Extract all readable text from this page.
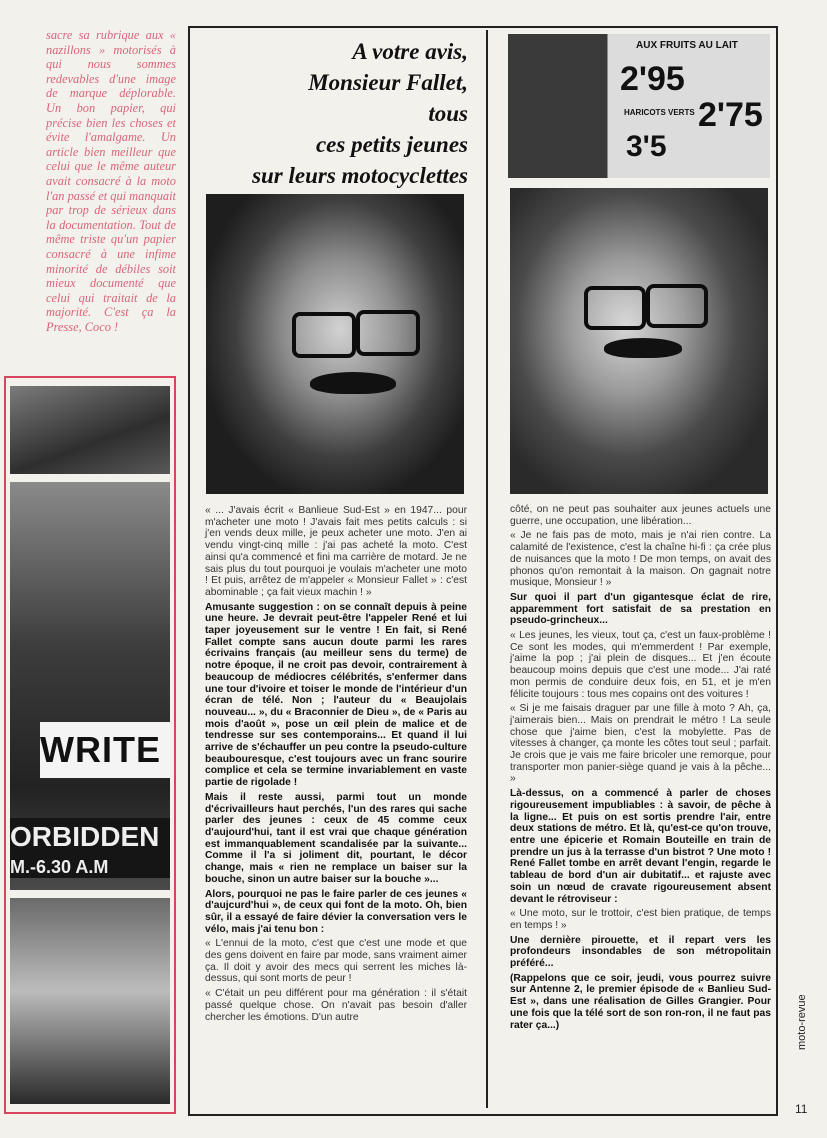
sacre sa rubrique aux « nazillons » motorisés à qui nous sommes redevables d'une image de marque déplorable. Un bon papier, qui précise bien les choses et évite l'amalgame. Un article bien meilleur que celui que le même auteur avait consacré à la moto l'an passé et qui manquait par trop de sérieux dans la documentation. Tout de même triste qu'un papier consacré à une infime minorité de débiles soit mieux documenté que celui qui traitait de la majorité. C'est ça la Presse, Coco !

WRITE
ORBIDDEN
M.-6.30 A.M
A votre avis,
Monsieur Fallet,
tous
ces petits jeunes
sur leurs motocyclettes
AUX FRUITS AU LAIT
2'95
2'75
HARICOTS VERTS
3'5

« ... J'avais écrit « Banlieue Sud-Est » en 1947... pour m'acheter une moto ! J'avais fait mes petits calculs : si j'en vends deux mille, je peux acheter une moto. J'en ai vendu vingt-cinq mille : j'ai pas acheté la moto. C'est ainsi qu'a commencé et fini ma carrière de motard. Je ne sais plus du tout pourquoi je voulais m'acheter une moto ! Et puis, arrêtez de m'appeler « Monsieur Fallet » : c'est abominable ; ça fait vieux machin ! »

Amusante suggestion : on se connaît depuis à peine une heure. Je devrait peut-être l'appeler René et lui taper joyeusement sur le ventre ! En fait, si René Fallet compte sans aucun doute parmi les rares écrivains français (au meilleur sens du terme) de notre époque, il ne croit pas devoir, contrairement à beaucoup de médiocres célébrités, s'enfermer dans une tour d'ivoire et toiser le monde de l'intérieur d'un écran de télé. Non ; l'auteur du « Beaujolais nouveau... », du « Braconnier de Dieu », de « Paris au mois d'août », pose un œil plein de malice et de tendresse sur ses contemporains... Et quand il lui arrive de s'échauffer un peu contre la pseudo-culture beaubouresque, c'est toujours avec un franc sourire complice et cela se termine invariablement en vaste partie de rigolade !

Mais il reste aussi, parmi tout un monde d'écrivailleurs haut perchés, l'un des rares qui sache parler des jeunes : ceux de 45 comme ceux d'aujourd'hui, tant il est vrai que chaque génération est immanquablement scandalisée par la suivante... Comme il l'a si joliment dit, pourtant, le décor change, mais « rien ne remplace un baiser sur la bouche, sinon un autre baiser sur la bouche »...

Alors, pourquoi ne pas le faire parler de ces jeunes « d'aujcurd'hui », de ceux qui font de la moto. Oh, bien sûr, il a essayé de faire dévier la conversation vers le vélo, mais j'ai tenu bon :

« L'ennui de la moto, c'est que c'est une mode et que des gens doivent en faire par mode, sans vraiment aimer ça. Il doit y avoir des mecs qui serrent les miches là-dessus, qui sont morts de peur !

« C'était un peu différent pour ma génération : il s'était passé quelque chose. On n'avait pas besoin d'aller chercher les émotions. D'un autre

côté, on ne peut pas souhaiter aux jeunes actuels une guerre, une occupation, une libération...

« Je ne fais pas de moto, mais je n'ai rien contre. La calamité de l'existence, c'est la chaîne hi-fi : ça crée plus de nuisances que la moto ! De mon temps, on avait des phonos qu'on remontait à la maison. On gagnait notre musique, Monsieur ! »

Sur quoi il part d'un gigantesque éclat de rire, apparemment fort satisfait de sa prestation en pseudo-grincheux...

« Les jeunes, les vieux, tout ça, c'est un faux-problème ! Ce sont les modes, qui m'emmerdent ! Par exemple, j'aime la pop ; j'ai plein de disques... Et j'en écoute beaucoup moins depuis que c'est une mode... J'ai raté mon permis de conduire deux fois, en 51, et je m'en félicite toujours : tous mes copains ont des voitures !

« Si je me faisais draguer par une fille à moto ? Ah, ça, j'aimerais bien... Mais on prendrait le métro ! La seule chose que j'aime bien, c'est la mobylette. Pas de vitesses à changer, ça monte les côtes tout seul ; parfait. Je crois que je vais me faire bricoler une remorque, pour transporter mon panier-siège quand je vais à la pêche... »

Là-dessus, on a commencé à parler de choses rigoureusement impubliables : à savoir, de pêche à la ligne... Et puis on est sortis prendre l'air, entre deux stations de métro. Et là, qu'est-ce qu'on trouve, entre une épicerie et Romain Bouteille en train de prendre un jus à la terrasse d'un bistrot ? Une moto ! René Fallet tombe en arrêt devant l'engin, regarde le tableau de bord d'un air dubitatif... et rajuste avec soin un nœud de cravate rigoureusement absent devant le rétroviseur :

« Une moto, sur le trottoir, c'est bien pratique, de temps en temps ! »

Une dernière pirouette, et il repart vers les profondeurs insondables de son métropolitain préféré...

(Rappelons que ce soir, jeudi, vous pourrez suivre sur Antenne 2, le premier épisode de « Banlieu Sud-Est », dans une réalisation de Gilles Grangier. Pour une fois que la télé sort de son ron-ron, il ne faut pas rater ça...)	moto-revue
11
